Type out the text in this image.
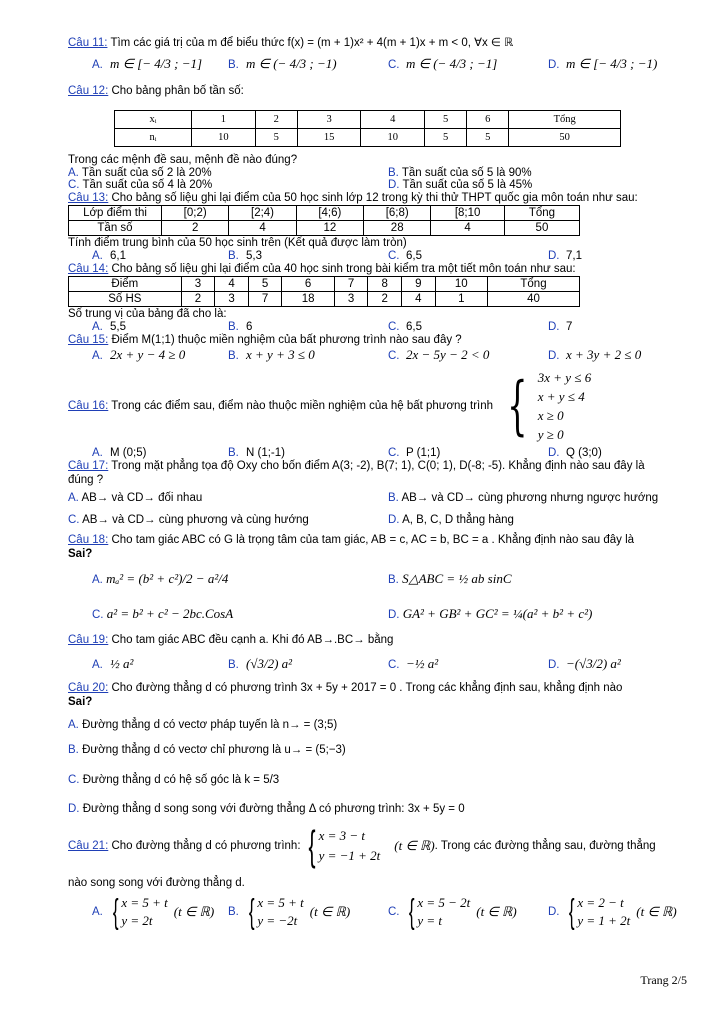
Câu 11: Tìm các giá trị của m để biểu thức f(x) = (m + 1)x² + 4(m + 1)x + m < 0, ∀x ∈ ℝ
A. m ∈ [− 4/3 ; −1]	B. m ∈ (− 4/3 ; −1)	C. m ∈ (− 4/3 ; −1]	D. m ∈ [− 4/3 ; −1)
Câu 12: Cho bảng phân bố tần số:
xᵢ	1	2	3	4	5	6	Tổng
nᵢ	10	5	15	10	5	5	50
Trong các mệnh đề sau, mệnh đề nào đúng?
A. Tần suất của số 2 là 20%	B. Tần suất của số 5 là 90%
C. Tần suất của số 4 là 20%	D. Tần suất của số 5 là 45%
Câu 13: Cho bảng số liệu ghi lại điểm của 50 học sinh lớp 12 trong kỳ thi thử THPT quốc gia môn toán như sau:
Lớp điểm thi	[0;2)	[2;4)	[4;6)	[6;8)	[8;10	Tổng
Tần số	2	4	12	28	4	50
Tính điểm trung bình của 50 học sinh trên (Kết quả được làm tròn)
A. 6,1	B. 5,3	C. 6,5	D. 7,1
Câu 14: Cho bảng số liệu ghi lại điểm của 40 học sinh trong bài kiểm tra một tiết môn toán như sau:
Điểm	3	4	5	6	7	8	9	10	Tổng
Số HS	2	3	7	18	3	2	4	1	40
Số trung vị của bảng đã cho là:
A. 5,5	B. 6	C. 6,5	D. 7
Câu 15: Điểm M(1;1) thuộc miền nghiệm của bất phương trình nào sau đây ?
A. 2x + y − 4 ≥ 0	B. x + y + 3 ≤ 0	C. 2x − 5y − 2 < 0	D. x + 3y + 2 ≤ 0
Câu 16: Trong các điểm sau, điểm nào thuộc miền nghiệm của hệ bất phương trình { 3x + y ≤ 6
x + y ≤ 4
x ≥ 0
y ≥ 0
A. M (0;5)	B. N (1;-1)	C. P (1;1)	D. Q (3;0)
Câu 17: Trong mặt phẳng tọa độ Oxy cho bốn điểm A(3; -2), B(7; 1), C(0; 1), D(-8; -5). Khẳng định nào sau đây là
đúng ?
A. AB→ và CD→ đối nhau	B. AB→ và CD→ cùng phương nhưng ngược hướng
C. AB→ và CD→ cùng phương và cùng hướng	D. A, B, C, D thẳng hàng
Câu 18: Cho tam giác ABC có G là trọng tâm của tam giác, AB = c, AC = b, BC = a . Khẳng định nào sau đây là
Sai?
A. mₐ² = (b² + c²)/2 − a²/4	B. S△ABC = ½ ab sinC
C. a² = b² + c² − 2bc.CosA	D. GA² + GB² + GC² = ¼(a² + b² + c²)
Câu 19: Cho tam giác ABC đều cạnh a. Khi đó AB→.BC→ bằng
A. ½ a²	B. (√3/2) a²	C. −½ a²	D. −(√3/2) a²
Câu 20: Cho đường thẳng d có phương trình 3x + 5y + 2017 = 0 . Trong các khẳng định sau, khẳng định nào
Sai?
A. Đường thẳng d có vectơ pháp tuyến là n→ = (3;5)
B. Đường thẳng d có vectơ chỉ phương là u→ = (5;−3)
C. Đường thẳng d có hệ số góc là k = 5/3
D. Đường thẳng d song song với đường thẳng Δ có phương trình: 3x + 5y = 0
Câu 21:
Cho đường thẳng d có phương trình: { x = 3 − t
y = −1 + 2t
(t ∈ ℝ) . Trong các đường thẳng sau, đường thẳng
nào song song với đường thẳng d.
A. { x = 5 + t
y = 2t
(t ∈ ℝ) B. { x = 5 + t
y = −2t
(t ∈ ℝ)	C. { x = 5 − 2t
y = t
(t ∈ ℝ)	D. { x = 2 − t
y = 1 + 2t
(t ∈ ℝ)
Trang 2/5
